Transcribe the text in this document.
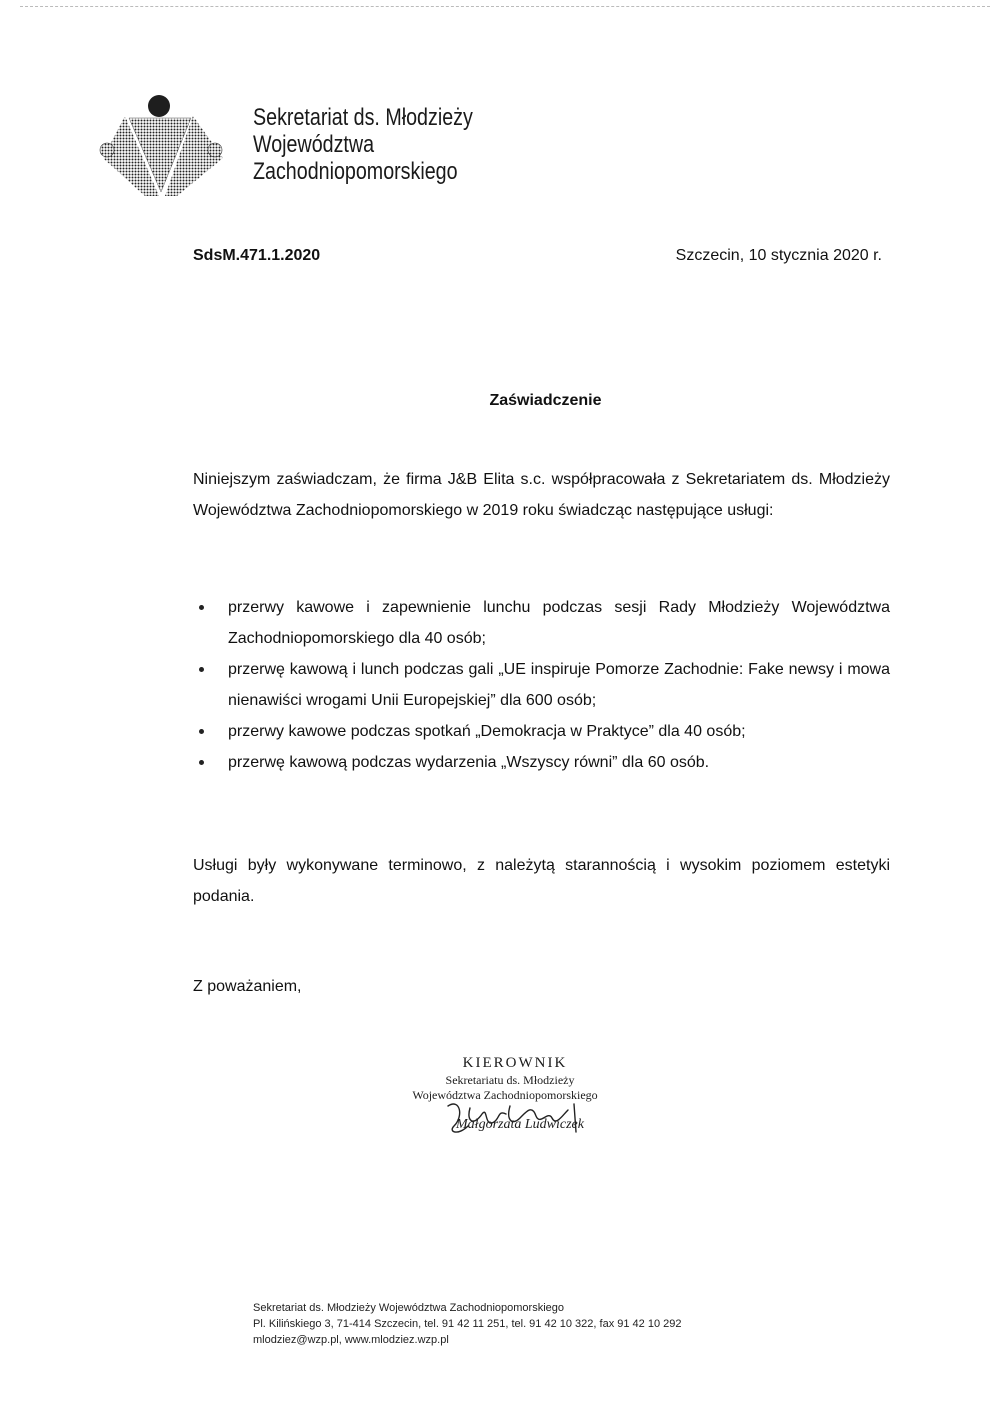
Sekretariat ds. Młodzieży
Województwa
Zachodniopomorskiego
SdsM.471.1.2020	Szczecin, 10 stycznia 2020 r.
Zaświadczenie
Niniejszym zaświadczam, że firma J&B Elita s.c. współpracowała z Sekretariatem ds. Młodzieży Województwa Zachodniopomorskiego w 2019 roku świadcząc następujące usługi:
przerwy kawowe i zapewnienie lunchu podczas sesji Rady Młodzieży Województwa Zachodniopomorskiego dla 40 osób;
przerwę kawową i lunch podczas gali „UE inspiruje Pomorze Zachodnie: Fake newsy i mowa nienawiści wrogami Unii Europejskiej” dla 600 osób;
przerwy kawowe podczas spotkań „Demokracja w Praktyce” dla 40 osób;
przerwę kawową podczas wydarzenia „Wszyscy równi” dla 60 osób.
Usługi były wykonywane terminowo, z należytą starannością i wysokim poziomem estetyki podania.
Z poważaniem,
KIEROWNIK
Sekretariatu ds. Młodzieży
Województwa Zachodniopomorskiego
Małgorzata Ludwiczek
Sekretariat ds. Młodzieży Województwa Zachodniopomorskiego
Pl. Kilińskiego 3, 71-414 Szczecin, tel. 91 42 11 251, tel. 91 42 10 322, fax 91 42 10 292
mlodziez@wzp.pl, www.mlodziez.wzp.pl
